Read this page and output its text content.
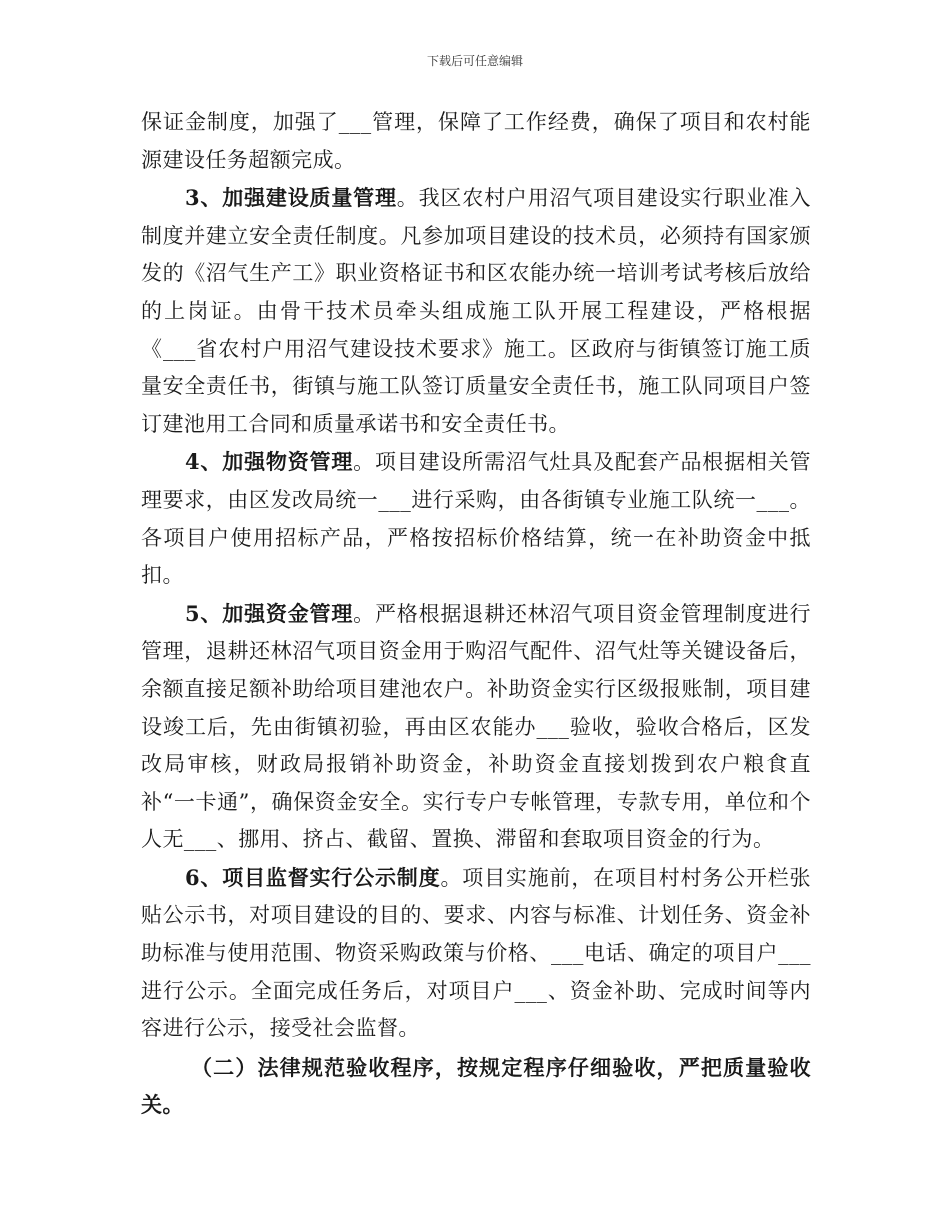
下载后可任意编辑

保证金制度，加强了___管理，保障了工作经费，确保了项目和农村能源建设任务超额完成。

3、加强建设质量管理。我区农村户用沼气项目建设实行职业准入制度并建立安全责任制度。凡参加项目建设的技术员，必须持有国家颁发的《沼气生产工》职业资格证书和区农能办统一培训考试考核后放给的上岗证。由骨干技术员牵头组成施工队开展工程建设，严格根据《___省农村户用沼气建设技术要求》施工。区政府与街镇签订施工质量安全责任书，街镇与施工队签订质量安全责任书，施工队同项目户签订建池用工合同和质量承诺书和安全责任书。

4、加强物资管理。项目建设所需沼气灶具及配套产品根据相关管理要求，由区发改局统一___进行采购，由各街镇专业施工队统一___。各项目户使用招标产品，严格按招标价格结算，统一在补助资金中抵扣。

5、加强资金管理。严格根据退耕还林沼气项目资金管理制度进行管理，退耕还林沼气项目资金用于购沼气配件、沼气灶等关键设备后，余额直接足额补助给项目建池农户。补助资金实行区级报账制，项目建设竣工后，先由街镇初验，再由区农能办___验收，验收合格后，区发改局审核，财政局报销补助资金，补助资金直接划拨到农户粮食直补“一卡通”，确保资金安全。实行专户专帐管理，专款专用，单位和个人无___、挪用、挤占、截留、置换、滞留和套取项目资金的行为。

6、项目监督实行公示制度。项目实施前，在项目村村务公开栏张贴公示书，对项目建设的目的、要求、内容与标准、计划任务、资金补助标准与使用范围、物资采购政策与价格、___电话、确定的项目户___进行公示。全面完成任务后，对项目户___、资金补助、完成时间等内容进行公示，接受社会监督。

（二）法律规范验收程序，按规定程序仔细验收，严把质量验收关。
